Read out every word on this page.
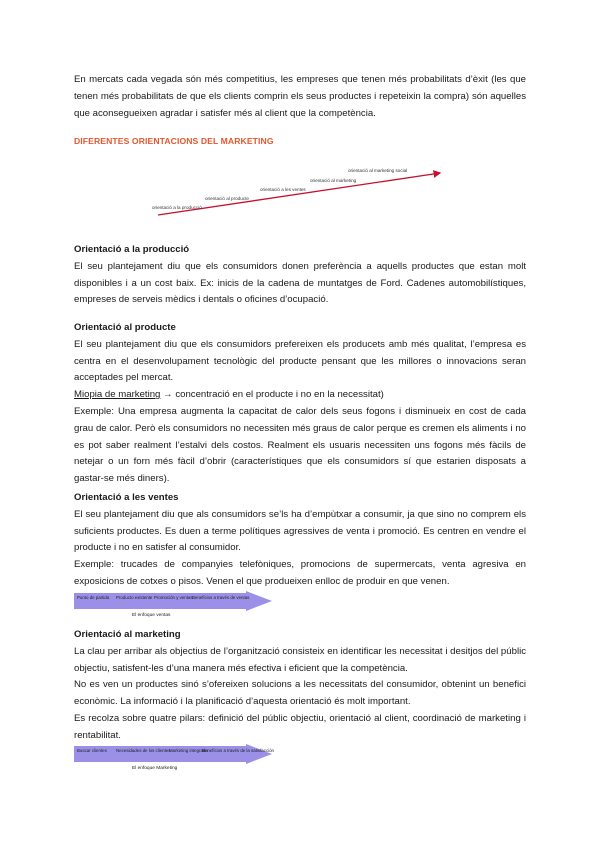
En mercats cada vegada són més competitius, les empreses que tenen més probabilitats d’èxit (les que tenen més probabilitats de que els clients comprin els seus productes i repeteixin la compra) són aquelles que aconsegueixen agradar i satisfer més al client que la competència.

DIFERENTES ORIENTACIONS DEL MARKETING
orientació a la producció
orientació al producte
orientació a les ventes
orientació al marketing
orientació al marketing social
Orientació a la producció

El seu plantejament diu que els consumidors donen preferència a aquells productes que estan molt disponibles i a un cost baix. Ex: inicis de la cadena de muntatges de Ford. Cadenes automobilístiques, empreses de serveis mèdics i dentals o oficines d’ocupació.

Orientació al producte

El seu plantejament diu que els consumidors prefereixen els producets amb més qualitat, l’empresa es centra en el desenvolupament tecnològic del producte pensant que les millores o innovacions seran acceptades pel mercat.

Miopia de marketing → concentració en el producte i no en la necessitat)

Exemple: Una empresa augmenta la capacitat de calor dels seus fogons i disminueix en cost de cada grau de calor. Però els consumidors no necessiten més graus de calor perque es cremen els aliments i no es pot saber realment l’estalvi dels costos. Realment els usuaris necessiten uns fogons més fàcils de netejar o un forn més fàcil d’obrir (característiques que els consumidors sí que estarien disposats a gastar-se més diners).

Orientació a les ventes

El seu plantejament diu que als consumidors se’ls ha d’empùtxar a consumir, ja que sino no comprem els suficients productes. Es duen a terme polítiques agressives de venta i promoció. Es centren en vendre el producte i no en satisfer al consumidor.

Exemple: trucades de companyies telefòniques, promocions de supermercats, venta agresiva en exposicions de cotxes o pisos. Venen el que produeixen enlloc de produir en que venen.

Punto de partida Producto existente Promoción y ventas Beneficios a través de ventas
El enfoque ventas
Orientació al marketing

La clau per arribar als objectius de l’organització consisteix en identificar les necessitat i desitjos del públic objectiu, satisfent-les d’una manera més efectiva i eficient que la competència.

No es ven un productes sinó s’ofereixen solucions a les necessitats del consumidor, obtenint un benefici econòmic. La informació i la planificació d’aquesta orientació és molt important.

Es recolza sobre quatre pilars: definició del públic objectiu, orientació al client, coordinació de marketing i rentabilitat.

Buscar clientes Necesidades de los clientes
Marketing integrado
Beneficios a través de la satisfacción
El enfoque Marketing
